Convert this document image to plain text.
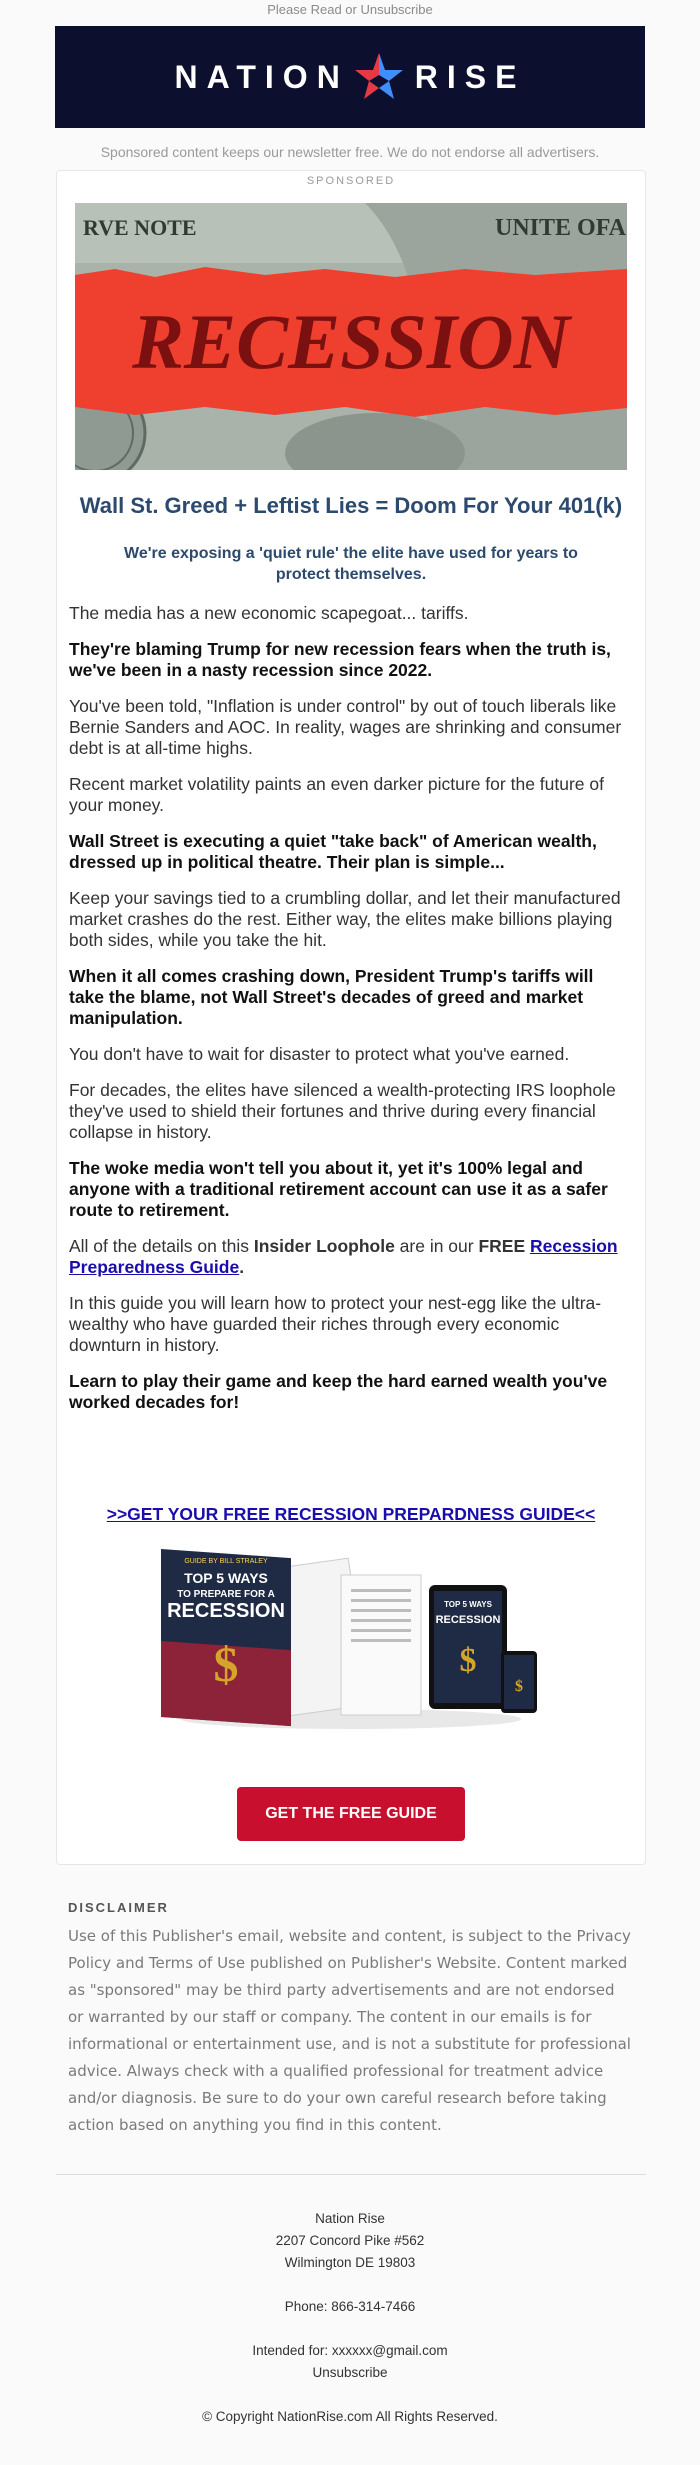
Please Read or Unsubscribe
NATION RISE
Sponsored content keeps our newsletter free. We do not endorse all advertisers.
SPONSORED
RVE NOTE	UNITE OFA
RECESSION
Wall St. Greed + Leftist Lies = Doom For Your 401(k)
We're exposing a 'quiet rule' the elite have used for years to protect themselves.

The media has a new economic scapegoat... tariffs.

They're blaming Trump for new recession fears when the truth is, we've been in a nasty recession since 2022.

You've been told, "Inflation is under control" by out of touch liberals like Bernie Sanders and AOC. In reality, wages are shrinking and consumer debt is at all-time highs.

Recent market volatility paints an even darker picture for the future of your money.

Wall Street is executing a quiet "take back" of American wealth, dressed up in political theatre. Their plan is simple...

Keep your savings tied to a crumbling dollar, and let their manufactured market crashes do the rest. Either way, the elites make billions playing both sides, while you take the hit.

When it all comes crashing down, President Trump's tariffs will take the blame, not Wall Street's decades of greed and market manipulation.

You don't have to wait for disaster to protect what you've earned.

For decades, the elites have silenced a wealth-protecting IRS loophole they've used to shield their fortunes and thrive during every financial collapse in history.

The woke media won't tell you about it, yet it's 100% legal and anyone with a traditional retirement account can use it as a safer route to retirement.

All of the details on this Insider Loophole are in our FREE Recession Preparedness Guide.

In this guide you will learn how to protect your nest-egg like the ultra-wealthy who have guarded their riches through every economic downturn in history.

Learn to play their game and keep the hard earned wealth you've worked decades for!

>>GET YOUR FREE RECESSION PREPARDNESS GUIDE<<
GUIDE BY BILL STRALEY
TOP 5 WAYS
TO PREPARE FOR A
RECESSION
$
TOP 5 WAYS
RECESSION
$
$
GET THE FREE GUIDE
DISCLAIMER

Use of this Publisher's email, website and content, is subject to the Privacy Policy and Terms of Use published on Publisher's Website. Content marked as "sponsored" may be third party advertisements and are not endorsed or warranted by our staff or company. The content in our emails is for informational or entertainment use, and is not a substitute for professional advice. Always check with a qualified professional for treatment advice and/or diagnosis. Be sure to do your own careful research before taking action based on anything you find in this content.

Nation Rise
2207 Concord Pike #562
Wilmington DE 19803
Phone: 866-314-7466
Intended for: xxxxxx@gmail.com
Unsubscribe
© Copyright NationRise.com All Rights Reserved.
